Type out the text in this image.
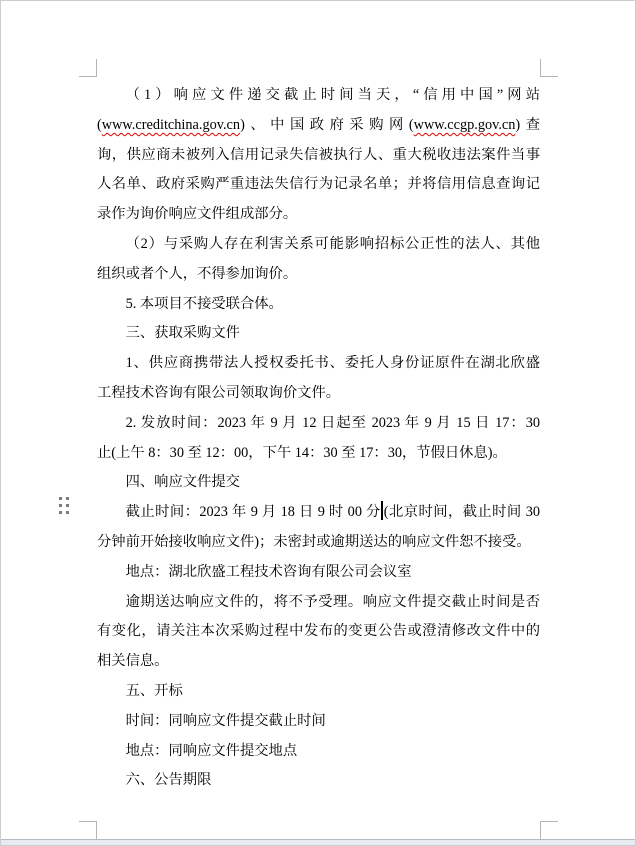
（1）响应文件递交截止时间当天，“信用中国”网站
(www.creditchina.gov.cn)、中国政府采购网(www.ccgp.gov.cn)查
询，供应商未被列入信用记录失信被执行人、重大税收违法案件当事
人名单、政府采购严重违法失信行为记录名单；并将信用信息查询记
录作为询价响应文件组成部分。
（2）与采购人存在利害关系可能影响招标公正性的法人、其他
组织或者个人，不得参加询价。
5. 本项目不接受联合体。
三、获取采购文件
1、供应商携带法人授权委托书、委托人身份证原件在湖北欣盛
工程技术咨询有限公司领取询价文件。
2. 发放时间：2023 年 9 月 12 日起至 2023 年 9 月 15 日 17：30
止(上午 8：30 至 12：00，下午 14：30 至 17：30，节假日休息)。
四、响应文件提交
截止时间：2023 年 9 月 18 日 9 时 00 分 (北京时间，截止时间 30
分钟前开始接收响应文件)；未密封或逾期送达的响应文件恕不接受。
地点：湖北欣盛工程技术咨询有限公司会议室
逾期送达响应文件的，将不予受理。响应文件提交截止时间是否
有变化，请关注本次采购过程中发布的变更公告或澄清修改文件中的
相关信息。
五、开标
时间：同响应文件提交截止时间
地点：同响应文件提交地点
六、公告期限
